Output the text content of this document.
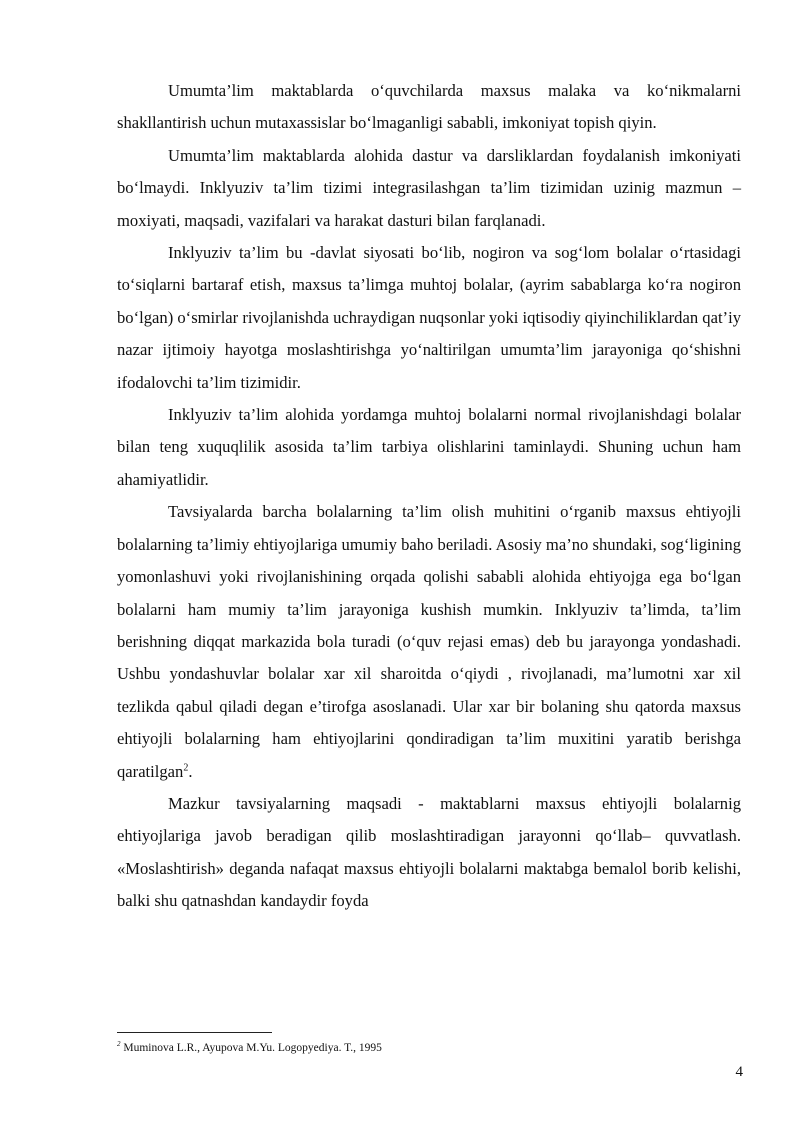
Umumta’lim maktablarda o‘quvchilarda maxsus malaka va ko‘nikmalarni shakllantirish uchun mutaxassislar bo‘lmaganligi sababli, imkoniyat topish qiyin.

Umumta’lim maktablarda alohida dastur va darsliklardan foydalanish imkoniyati bo‘lmaydi. Inklyuziv ta’lim tizimi integrasilashgan ta’lim tizimidan uzinig mazmun – moxiyati, maqsadi, vazifalari va harakat dasturi bilan farqlanadi.

Inklyuziv ta’lim bu -davlat siyosati bo‘lib, nogiron va sog‘lom bolalar o‘rtasidagi to‘siqlarni bartaraf etish, maxsus ta’limga muhtoj bolalar, (ayrim sabablarga ko‘ra nogiron bo‘lgan) o‘smirlar rivojlanishda uchraydigan nuqsonlar yoki iqtisodiy qiyinchiliklardan qat’iy nazar ijtimoiy hayotga moslashtirishga yo‘naltirilgan umumta’lim jarayoniga qo‘shishni ifodalovchi ta’lim tizimidir.

Inklyuziv ta’lim alohida yordamga muhtoj bolalarni normal rivojlanishdagi bolalar bilan teng xuquqlilik asosida ta’lim tarbiya olishlarini taminlaydi. Shuning uchun ham ahamiyatlidir.

Tavsiyalarda barcha bolalarning ta’lim olish muhitini o‘rganib maxsus ehtiyojli bolalarning ta’limiy ehtiyojlariga umumiy baho beriladi. Asosiy ma’no shundaki, sog‘ligining yomonlashuvi yoki rivojlanishining orqada qolishi sababli alohida ehtiyojga ega bo‘lgan bolalarni ham mumiy ta’lim jarayoniga kushish mumkin. Inklyuziv ta’limda, ta’lim berishning diqqat markazida bola turadi (o‘quv rejasi emas) deb bu jarayonga yondashadi. Ushbu yondashuvlar bolalar xar xil sharoitda o‘qiydi , rivojlanadi, ma’lumotni xar xil tezlikda qabul qiladi degan e’tirofga asoslanadi. Ular xar bir bolaning shu qatorda maxsus ehtiyojli bolalarning ham ehtiyojlarini qondiradigan ta’lim muxitini yaratib berishga qaratilgan$^2$.

Mazkur tavsiyalarning maqsadi - maktablarni maxsus ehtiyojli bolalarnig ehtiyojlariga javob beradigan qilib moslashtiradigan jarayonni qo‘llab– quvvatlash. «Moslashtirish» deganda nafaqat maxsus ehtiyojli bolalarni maktabga bemalol borib kelishi, balki shu qatnashdan kandaydir foyda

$^2$ Muminova L.R., Ayupova M.Yu. Logopyediya. T., 1995
4
